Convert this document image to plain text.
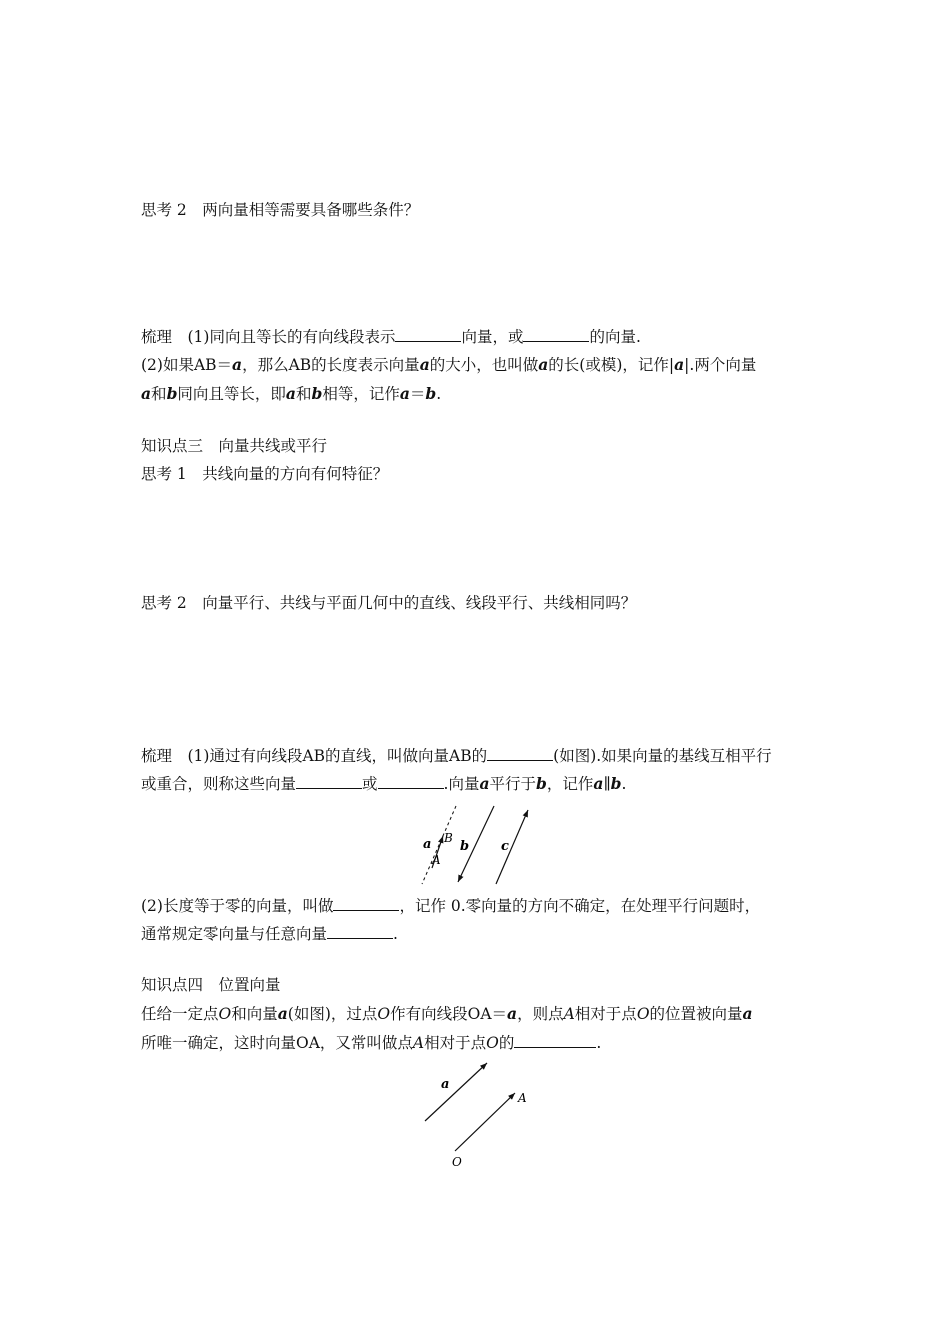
思考 2　两向量相等需要具备哪些条件？
梳理　(1)同向且等长的有向线段表示	向量，或	的向量.
(2)如果AB＝a，那么AB的长度表示向量a的大小，也叫做a的长(或模)，记作|a|.两个向量
a和b同向且等长，即a和b相等，记作a＝b.
知识点三　向量共线或平行
思考 1　共线向量的方向有何特征？
思考 2　向量平行、共线与平面几何中的直线、线段平行、共线相同吗？
梳理　(1)通过有向线段AB的直线，叫做向量AB的	(如图).如果向量的基线互相平行
或重合，则称这些向量	或	.向量a平行于b，记作a∥b.
a B
A
b c
(2)长度等于零的向量，叫做	，记作 0.零向量的方向不确定，在处理平行问题时，
通常规定零向量与任意向量	.
知识点四　位置向量
任给一定点O和向量a(如图)，过点O作有向线段OA＝a，则点A相对于点O的位置被向量a
所唯一确定，这时向量OA，又常叫做点A相对于点O的	.
a
A
O
